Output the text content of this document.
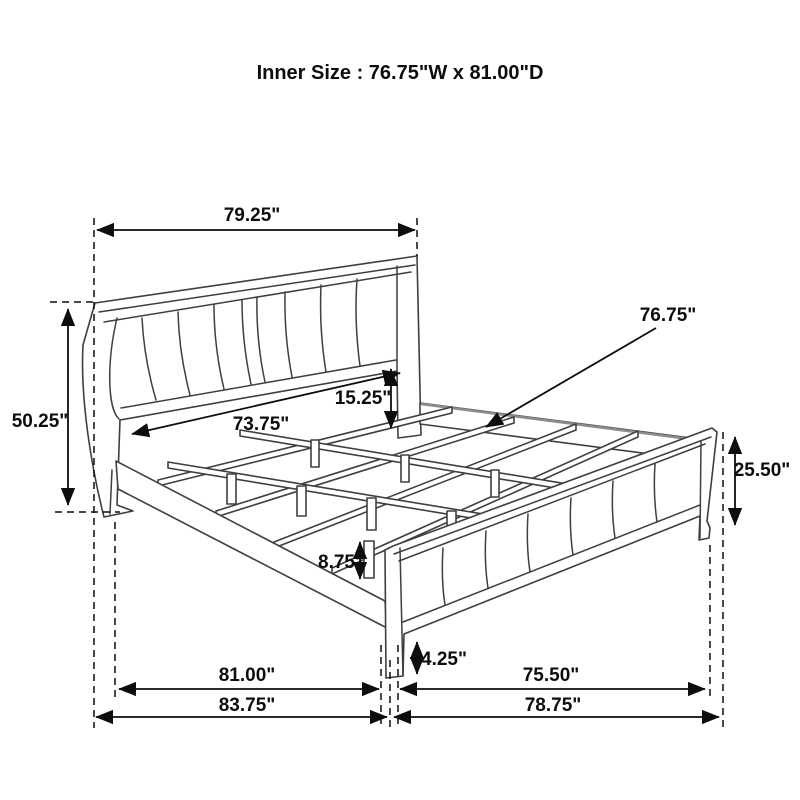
Inner Size : 76.75"W x 81.00"D
79.25"
50.25"	73.75"
15.25"
76.75"
25.50"
8.75"
4.25"
81.00"
83.75"
75.50"
78.75"
